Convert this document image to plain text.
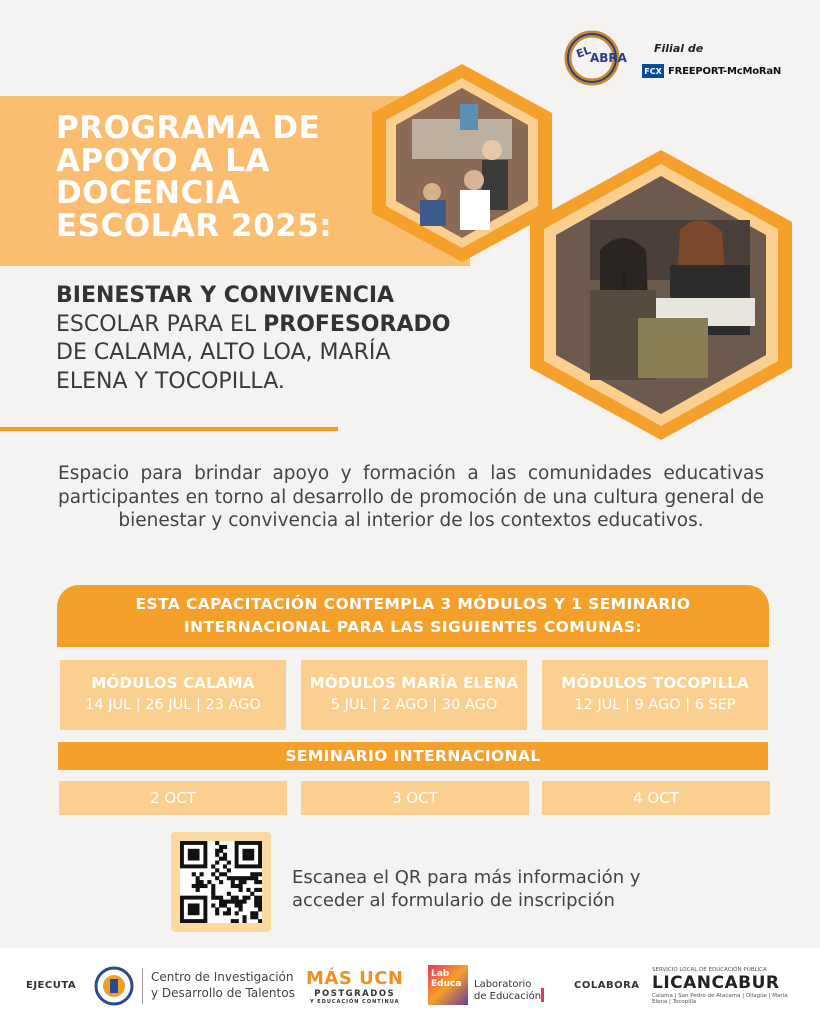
EL
ABRA
Filial de
FCX FREEPORT-McMoRaN
PROGRAMA DE
APOYO A LA
DOCENCIA
ESCOLAR 2025:
BIENESTAR Y CONVIVENCIA
ESCOLAR PARA EL PROFESORADO
DE CALAMA, ALTO LOA, MARÍA
ELENA Y TOCOPILLA.
Espacio para brindar apoyo y formación a las comunidades educativas participantes en torno al desarrollo de promoción de una cultura general de bienestar y convivencia al interior de los contextos educativos.
ESTA CAPACITACIÓN CONTEMPLA 3 MÓDULOS Y 1 SEMINARIO
INTERNACIONAL PARA LAS SIGUIENTES COMUNAS:
MÓDULOS CALAMA
14 JUL | 26 JUL | 23 AGO
MÓDULOS MARÍA ELENA
5 JUL | 2 AGO | 30 AGO
MÓDULOS TOCOPILLA
12 JUL | 9 AGO | 6 SEP
SEMINARIO INTERNACIONAL
2 OCT	3 OCT	4 OCT
Escanea el QR para más información y
acceder al formulario de inscripción
EJECUTA
Centro de Investigación
y Desarrollo de Talentos
MÁS UCN
POSTGRADOS
Y EDUCACIÓN CONTINUA
Lab Educa	Laboratorio
de Educación
COLABORA
SERVICIO LOCAL DE EDUCACIÓN PÚBLICA
LICANCABUR
Calama | San Pedro de Atacama | Ollagüe | María Elena | Tocopilla
